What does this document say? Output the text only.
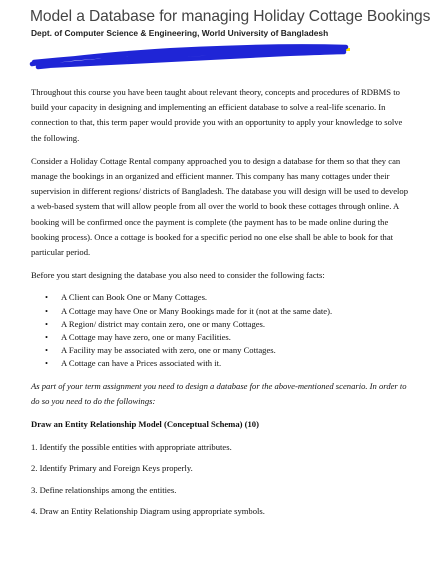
Model a Database for managing Holiday Cottage Bookings
Dept. of Computer Science & Engineering, World University of Bangladesh

Throughout this course you have been taught about relevant theory, concepts and procedures of RDBMS to build your capacity in designing and implementing an efficient database to solve a real-life scenario. In connection to that, this term paper would provide you with an opportunity to apply your knowledge to solve the following.

Consider a Holiday Cottage Rental company approached you to design a database for them so that they can manage the bookings in an organized and efficient manner. This company has many cottages under their supervision in different regions/ districts of Bangladesh. The database you will design will be used to develop a web-based system that will allow people from all over the world to book these cottages through online. A booking will be confirmed once the payment is complete (the payment has to be made online during the booking process). Once a cottage is booked for a specific period no one else shall be able to book for that particular period.

Before you start designing the database you also need to consider the following facts:

• A Client can Book One or Many Cottages.
• A Cottage may have One or Many Bookings made for it (not at the same date).
• A Region/ district may contain zero, one or many Cottages.
• A Cottage may have zero, one or many Facilities.
• A Facility may be associated with zero, one or many Cottages.
• A Cottage can have a Prices associated with it.

As part of your term assignment you need to design a database for the above-mentioned scenario. In order to do so you need to do the followings:

Draw an Entity Relationship Model (Conceptual Schema) (10)

1. Identify the possible entities with appropriate attributes.

2. Identify Primary and Foreign Keys properly.

3. Define relationships among the entities.

4. Draw an Entity Relationship Diagram using appropriate symbols.
